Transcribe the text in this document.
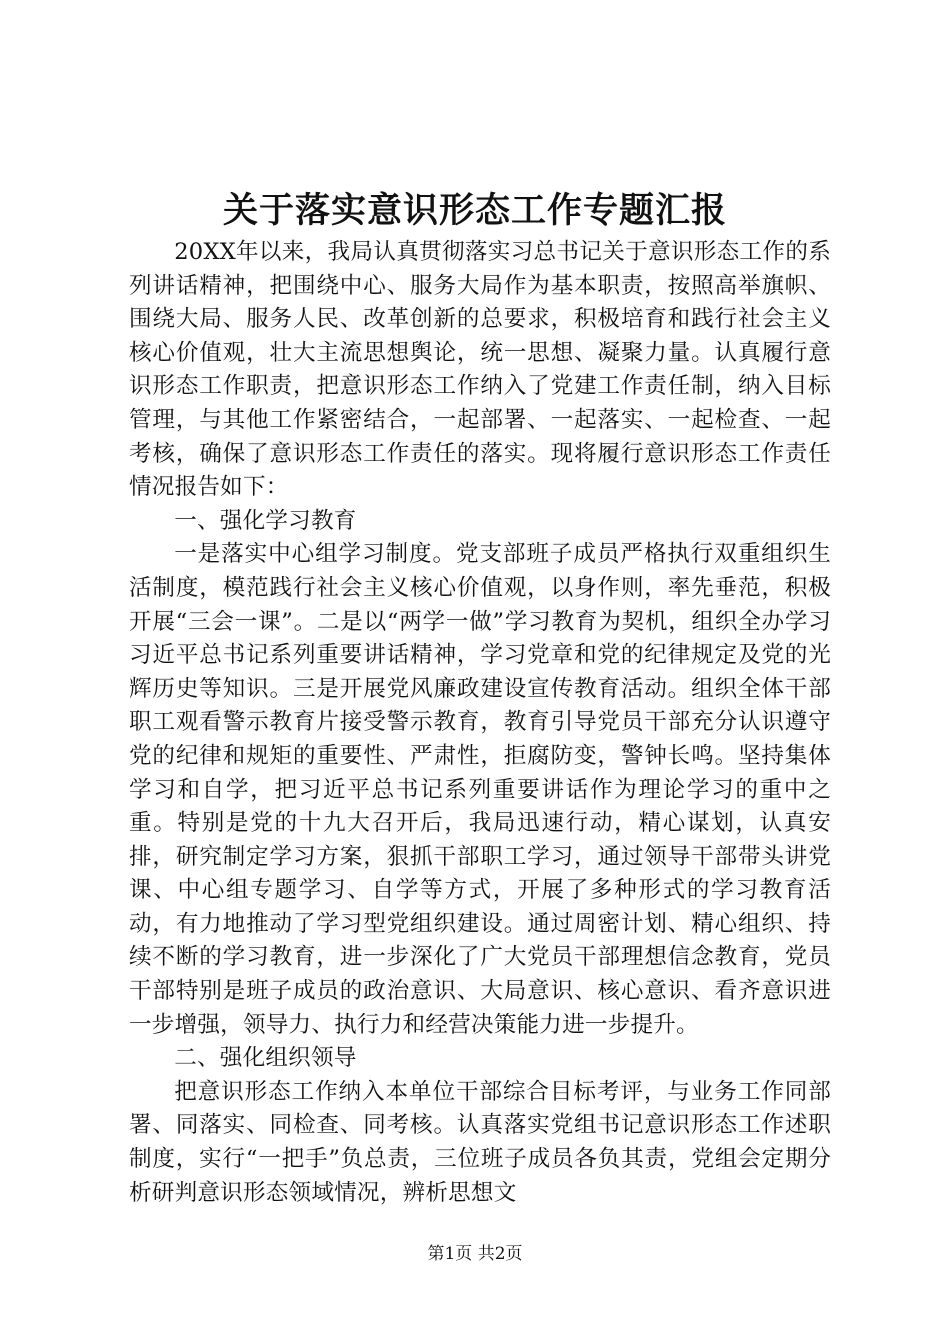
关于落实意识形态工作专题汇报

20XX年以来，我局认真贯彻落实习总书记关于意识形态工作的系列讲话精神，把围绕中心、服务大局作为基本职责，按照高举旗帜、围绕大局、服务人民、改革创新的总要求，积极培育和践行社会主义核心价值观，壮大主流思想舆论，统一思想、凝聚力量。认真履行意识形态工作职责，把意识形态工作纳入了党建工作责任制，纳入目标管理，与其他工作紧密结合，一起部署、一起落实、一起检查、一起考核，确保了意识形态工作责任的落实。现将履行意识形态工作责任情况报告如下：

一、强化学习教育

一是落实中心组学习制度。党支部班子成员严格执行双重组织生活制度，模范践行社会主义核心价值观，以身作则，率先垂范，积极开展“三会一课”。二是以“两学一做”学习教育为契机，组织全办学习习近平总书记系列重要讲话精神，学习党章和党的纪律规定及党的光辉历史等知识。三是开展党风廉政建设宣传教育活动。组织全体干部职工观看警示教育片接受警示教育，教育引导党员干部充分认识遵守党的纪律和规矩的重要性、严肃性，拒腐防变，警钟长鸣。坚持集体学习和自学，把习近平总书记系列重要讲话作为理论学习的重中之重。特别是党的十九大召开后，我局迅速行动，精心谋划，认真安排，研究制定学习方案，狠抓干部职工学习，通过领导干部带头讲党课、中心组专题学习、自学等方式，开展了多种形式的学习教育活动，有力地推动了学习型党组织建设。通过周密计划、精心组织、持续不断的学习教育，进一步深化了广大党员干部理想信念教育，党员干部特别是班子成员的政治意识、大局意识、核心意识、看齐意识进一步增强，领导力、执行力和经营决策能力进一步提升。

二、强化组织领导

把意识形态工作纳入本单位干部综合目标考评，与业务工作同部署、同落实、同检查、同考核。认真落实党组书记意识形态工作述职制度，实行“一把手”负总责，三位班子成员各负其责，党组会定期分析研判意识形态领域情况，辨析思想文

第1页 共2页
